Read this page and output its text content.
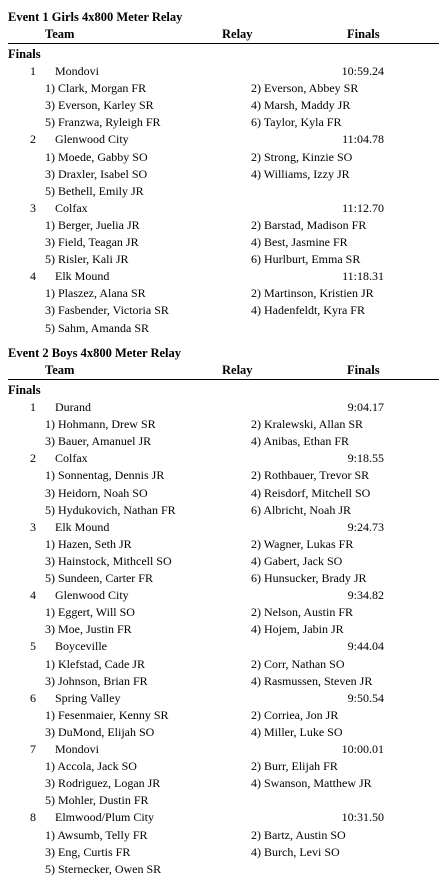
Event 1 Girls 4x800 Meter Relay
Team	Relay	Finals
Finals
1 Mondovi	10:59.24
1) Clark, Morgan FR	2) Everson, Abbey SR
3) Everson, Karley SR	4) Marsh, Maddy JR
5) Franzwa, Ryleigh FR	6) Taylor, Kyla FR
2 Glenwood City	11:04.78
1) Moede, Gabby SO	2) Strong, Kinzie SO
3) Draxler, Isabel SO	4) Williams, Izzy JR
5) Bethell, Emily JR
3 Colfax	11:12.70
1) Berger, Juelia JR	2) Barstad, Madison FR
3) Field, Teagan JR	4) Best, Jasmine FR
5) Risler, Kali JR	6) Hurlburt, Emma SR
4 Elk Mound	11:18.31
1) Plaszez, Alana SR	2) Martinson, Kristien JR
3) Fasbender, Victoria SR	4) Hadenfeldt, Kyra FR
5) Sahm, Amanda SR
Event 2 Boys 4x800 Meter Relay
Team	Relay	Finals
Finals
1 Durand	9:04.17
1) Hohmann, Drew SR	2) Kralewski, Allan SR
3) Bauer, Amanuel JR	4) Anibas, Ethan FR
2 Colfax	9:18.55
1) Sonnentag, Dennis JR	2) Rothbauer, Trevor SR
3) Heidorn, Noah SO	4) Reisdorf, Mitchell SO
5) Hydukovich, Nathan FR	6) Albricht, Noah JR
3 Elk Mound	9:24.73
1) Hazen, Seth JR	2) Wagner, Lukas FR
3) Hainstock, Mithcell SO	4) Gabert, Jack SO
5) Sundeen, Carter FR	6) Hunsucker, Brady JR
4 Glenwood City	9:34.82
1) Eggert, Will SO	2) Nelson, Austin FR
3) Moe, Justin FR	4) Hojem, Jabin JR
5 Boyceville	9:44.04
1) Klefstad, Cade JR	2) Corr, Nathan SO
3) Johnson, Brian FR	4) Rasmussen, Steven JR
6 Spring Valley	9:50.54
1) Fesenmaier, Kenny SR	2) Corriea, Jon JR
3) DuMond, Elijah SO	4) Miller, Luke SO
7 Mondovi	10:00.01
1) Accola, Jack SO	2) Burr, Elijah FR
3) Rodriguez, Logan JR	4) Swanson, Matthew JR
5) Mohler, Dustin FR
8 Elmwood/Plum City	10:31.50
1) Awsumb, Telly FR	2) Bartz, Austin SO
3) Eng, Curtis FR	4) Burch, Levi SO
5) Sternecker, Owen SR
